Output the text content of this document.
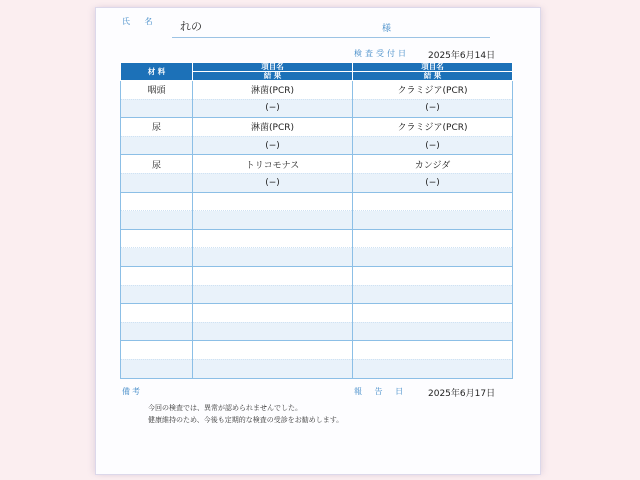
氏 名 れの	様
検査受付日 2025年6月14日
材 料	項目名	項目名
	結 果	結 果
咽頭	淋菌(PCR)	クラミジア(PCR)
	(−)	(−)
尿	淋菌(PCR)	クラミジア(PCR)
	(−)	(−)
尿	トリコモナス	カンジダ
	(−)	(−)

備考	報 告 日 2025年6月17日
今回の検査では、異常が認められませんでした。
健康維持のため、今後も定期的な検査の受診をお勧めします。
